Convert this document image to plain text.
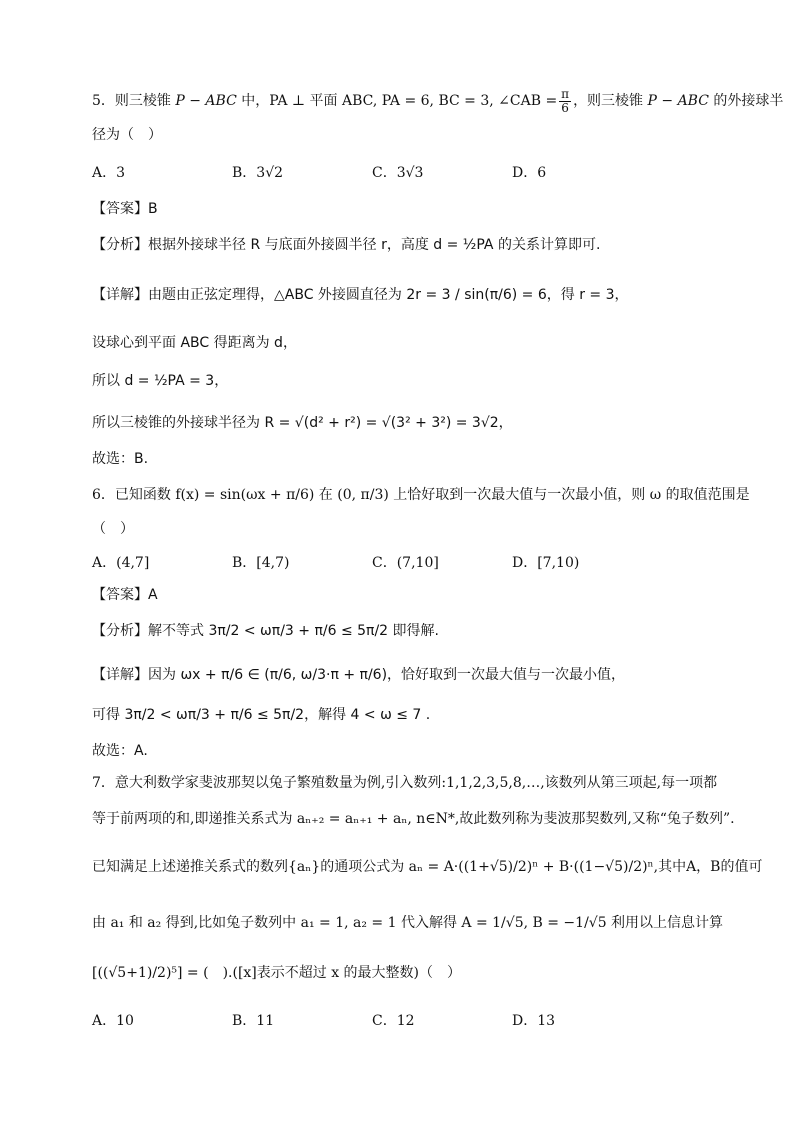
5．则三棱锥 P − ABC 中，PA ⊥ 平面 ABC, PA = 6, BC = 3, ∠CAB = $\frac{\pi}{6}$ ，则三棱锥 P − ABC 的外接球半
径为（　）
A．3	B．3√2	C．3√3	D．6
【答案】B
【分析】根据外接球半径 R 与底面外接圆半径 r，高度 d = ½PA 的关系计算即可.
【详解】由题由正弦定理得，△ABC 外接圆直径为 2r = 3 / sin(π/6) = 6，得 r = 3，
设球心到平面 ABC 得距离为 d，
所以 d = ½PA = 3，
所以三棱锥的外接球半径为 R = √(d² + r²) = √(3² + 3²) = 3√2，
故选：B.
6．已知函数 f(x) = sin(ωx + π/6) 在 (0, π/3) 上恰好取到一次最大值与一次最小值，则 ω 的取值范围是
（　）
A．(4,7]	B．[4,7)	C．(7,10]	D．[7,10)
【答案】A
【分析】解不等式 3π/2 < ωπ/3 + π/6 ≤ 5π/2 即得解.
【详解】因为 ωx + π/6 ∈ (π/6, ω/3·π + π/6)，恰好取到一次最大值与一次最小值，
可得 3π/2 < ωπ/3 + π/6 ≤ 5π/2，解得 4 < ω ≤ 7 .
故选：A.
7．意大利数学家斐波那契以兔子繁殖数量为例,引入数列:1,1,2,3,5,8,…,该数列从第三项起,每一项都
等于前两项的和,即递推关系式为 aₙ₊₂ = aₙ₊₁ + aₙ, n∈N*,故此数列称为斐波那契数列,又称“兔子数列”.
已知满足上述递推关系式的数列{aₙ}的通项公式为 aₙ = A·((1+√5)/2)ⁿ + B·((1−√5)/2)ⁿ,其中A，B的值可
由 a₁ 和 a₂ 得到,比如兔子数列中 a₁ = 1, a₂ = 1 代入解得 A = 1/√5, B = −1/√5 利用以上信息计算
[((√5+1)/2)⁵] = (　).([x]表示不超过 x 的最大整数)（　）
A．10	B．11	C．12	D．13
